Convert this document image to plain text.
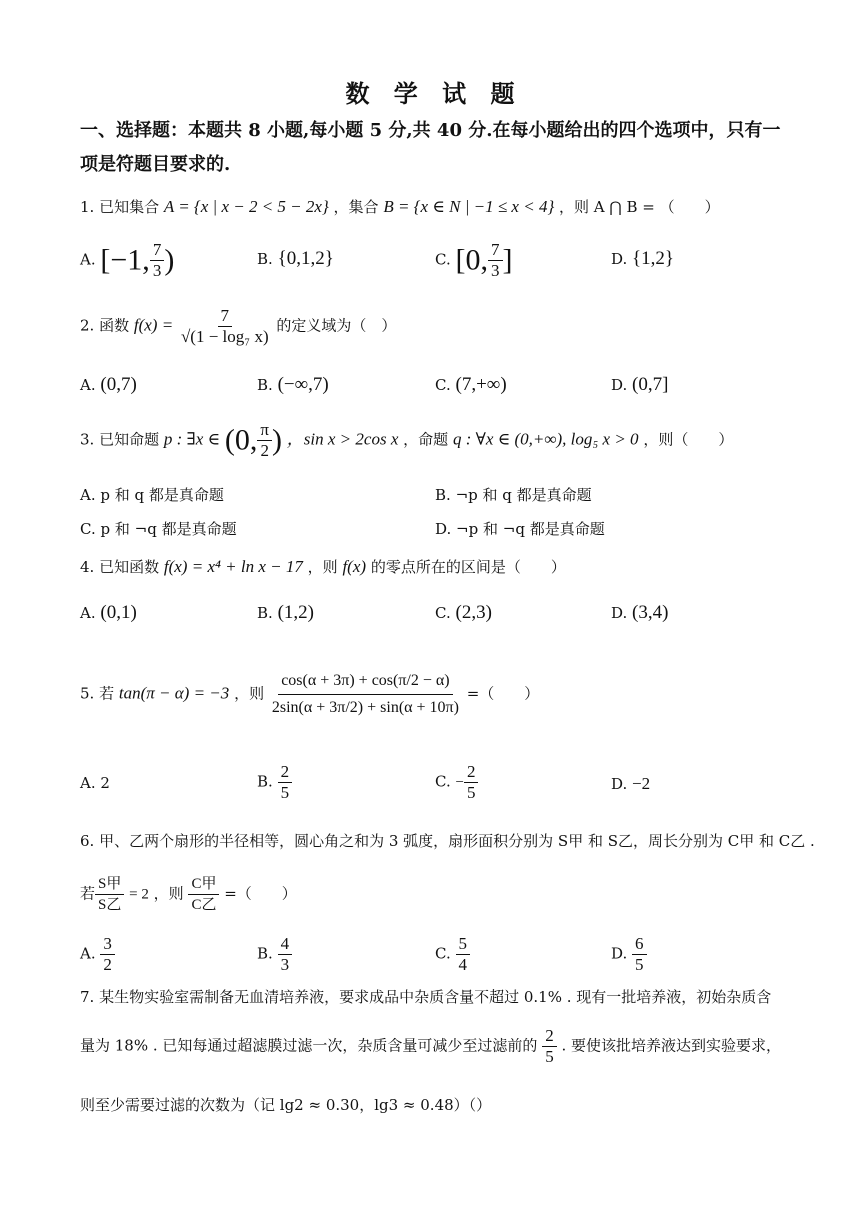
数 学 试 题
一、选择题：本题共 8 小题,每小题 5 分,共 40 分.在每小题给出的四个选项中，只有一项是符题目要求的.
1. 已知集合 A = {x | x − 2 < 5 − 2x} ，集合 B = {x ∈ N | −1 ≤ x < 4} ，则 A ⋂ B = （　　）
A. [−1, $\frac{7}{3}$ )	B. {0,1,2}	C. [0, $\frac{7}{3}$ ]	D. {1,2}
2. 函数 $f(x) = \frac{7}{\text{√(1 − log₇ x)}}$ 的定义域为（　）
A. (0,7)	B. (−∞,7)	C. (7,+∞)	D. (0,7]
3. 已知命题 p : ∃x ∈ (0, $\frac{\pi}{2}$ ) ，sin x > 2cos x ，命题 q : ∀x ∈ (0,+∞), log₅ x > 0 ，则（　　）
A. p 和 q 都是真命题	B. ¬p 和 q 都是真命题
C. p 和 ¬q 都是真命题	D. ¬p 和 ¬q 都是真命题
4. 已知函数 f(x) = x⁴ + ln x − 17 ，则 f(x) 的零点所在的区间是（　　）
A. (0,1)	B. (1,2)	C. (2,3)	D. (3,4)
5. 若 tan(π − α) = −3 ，则 $\frac{\cos(\alpha + 3\pi) + \cos(\pi/2 - \alpha)}{2\sin(\alpha + 3\pi/2) + \sin(\alpha + 10\pi)}$ =（　　）
A. 2	B. $\frac{2}{5}$	C. − $\frac{2}{5}$	D. −2
6. 甲、乙两个扇形的半径相等，圆心角之和为 3 弧度，扇形面积分别为 S甲 和 S乙，周长分别为 C甲 和 C乙 .
若 $\frac{\text{S甲}}{\text{S乙}} = 2$ ，则 $\frac{\text{C甲}}{\text{C乙}}$ =（　　）
A. $\frac{3}{2}$	B. $\frac{4}{3}$	C. $\frac{5}{4}$	D. $\frac{6}{5}$
7. 某生物实验室需制备无血清培养液，要求成品中杂质含量不超过 0.1% . 现有一批培养液，初始杂质含
量为 18% . 已知每通过超滤膜过滤一次，杂质含量可减少至过滤前的 $\frac{2}{5}$ . 要使该批培养液达到实验要求，
则至少需要过滤的次数为（记 lg2 ≈ 0.30，lg3 ≈ 0.48）（）
